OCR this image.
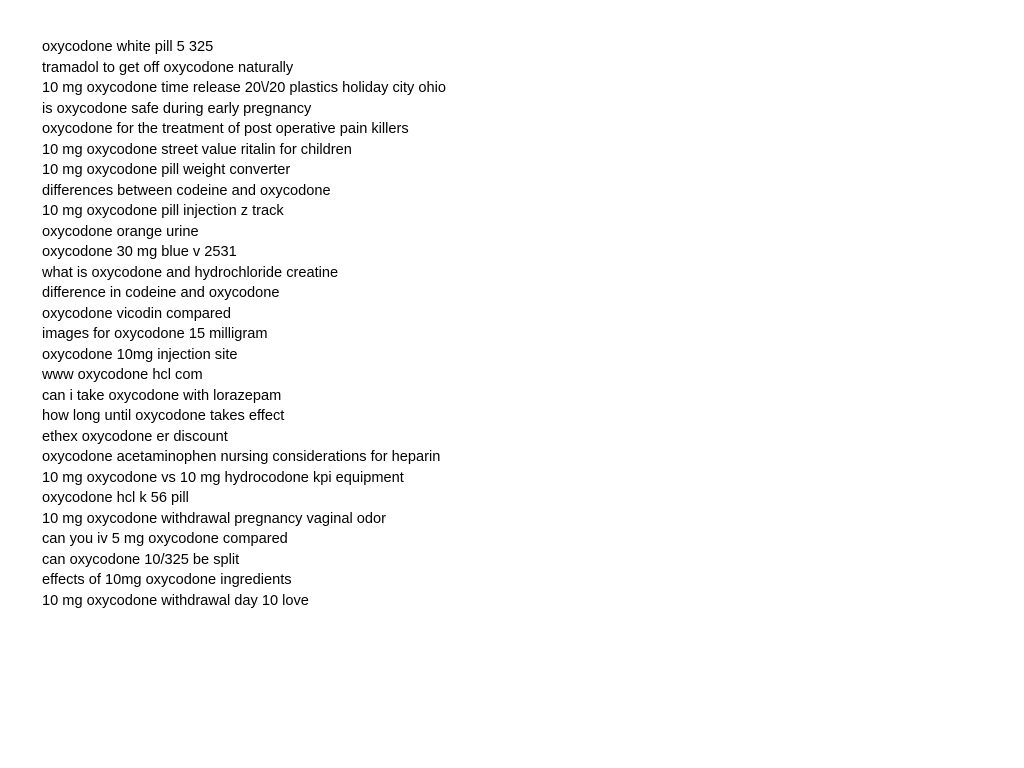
oxycodone white pill 5 325
tramadol to get off oxycodone naturally
10 mg oxycodone time release 20\/20 plastics holiday city ohio
is oxycodone safe during early pregnancy
oxycodone for the treatment of post operative pain killers
10 mg oxycodone street value ritalin for children
10 mg oxycodone pill weight converter
differences between codeine and oxycodone
10 mg oxycodone pill injection z track
oxycodone orange urine
oxycodone 30 mg blue v 2531
what is oxycodone and hydrochloride creatine
difference in codeine and oxycodone
oxycodone vicodin compared
images for oxycodone 15 milligram
oxycodone 10mg injection site
www oxycodone hcl com
can i take oxycodone with lorazepam
how long until oxycodone takes effect
ethex oxycodone er discount
oxycodone acetaminophen nursing considerations for heparin
10 mg oxycodone vs 10 mg hydrocodone kpi equipment
oxycodone hcl k 56 pill
10 mg oxycodone withdrawal pregnancy vaginal odor
can you iv 5 mg oxycodone compared
can oxycodone 10/325 be split
effects of 10mg oxycodone ingredients
10 mg oxycodone withdrawal day 10 love
